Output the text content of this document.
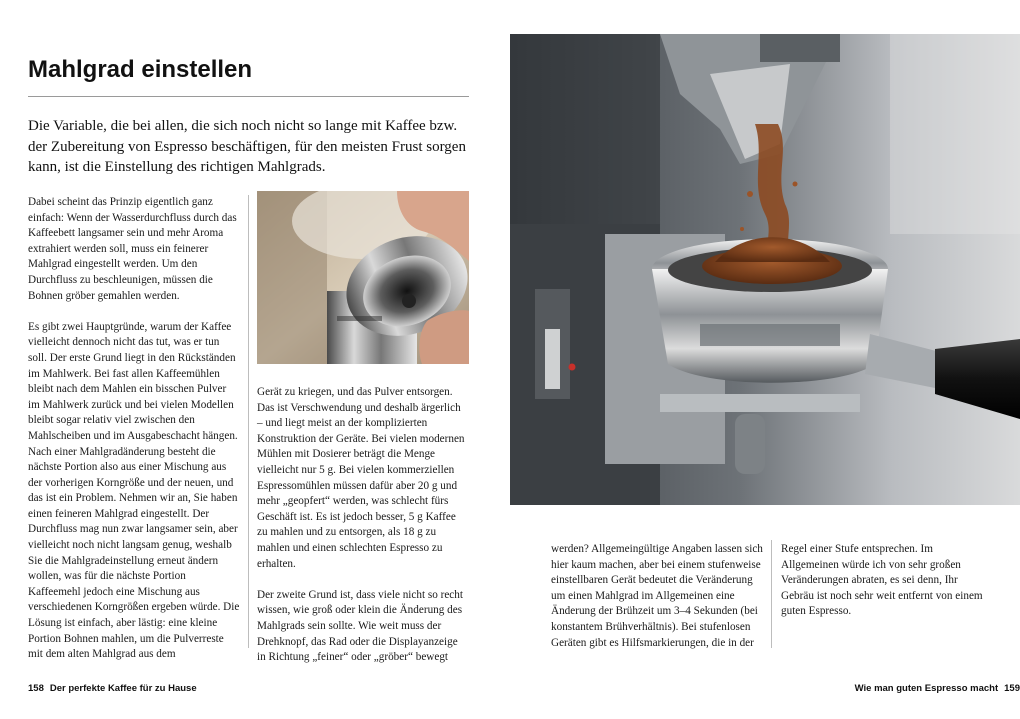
Mahlgrad einstellen
Die Variable, die bei allen, die sich noch nicht so lange mit Kaffee bzw. der Zubereitung von Espresso beschäftigen, für den meisten Frust sorgen kann, ist die Einstellung des richtigen Mahlgrads.

Dabei scheint das Prinzip eigentlich ganz einfach: Wenn der Wasserdurchfluss durch das Kaffeebett langsamer sein und mehr Aroma extrahiert werden soll, muss ein feinerer Mahlgrad eingestellt werden. Um den Durchfluss zu beschleunigen, müssen die Bohnen gröber gemahlen werden.

Es gibt zwei Hauptgründe, warum der Kaffee vielleicht dennoch nicht das tut, was er tun soll. Der erste Grund liegt in den Rückständen im Mahlwerk. Bei fast allen Kaffeemühlen bleibt nach dem Mahlen ein bisschen Pulver im Mahlwerk zurück und bei vielen Modellen bleibt sogar relativ viel zwischen den Mahlscheiben und im Ausgabeschacht hängen. Nach einer Mahlgradänderung besteht die nächste Portion also aus einer Mischung aus der vorherigen Korngröße und der neuen, und das ist ein Problem. Nehmen wir an, Sie haben einen feineren Mahlgrad eingestellt. Der Durchfluss mag nun zwar langsamer sein, aber vielleicht noch nicht langsam genug, weshalb Sie die Mahlgradeinstellung erneut ändern wollen, was für die nächste Portion Kaffeemehl jedoch eine Mischung aus verschiedenen Korngrößen ergeben würde. Die Lösung ist einfach, aber lästig: eine kleine Portion Bohnen mahlen, um die Pulverreste mit dem alten Mahlgrad aus dem

Gerät zu kriegen, und das Pulver entsorgen. Das ist Verschwendung und deshalb ärgerlich – und liegt meist an der komplizierten Konstruktion der Geräte. Bei vielen modernen Mühlen mit Dosierer beträgt die Menge vielleicht nur 5 g. Bei vielen kommerziellen Espressomühlen müssen dafür aber 20 g und mehr „geopfert“ werden, was schlecht fürs Geschäft ist. Es ist jedoch besser, 5 g Kaffee zu mahlen und zu entsorgen, als 18 g zu mahlen und einen schlechten Espresso zu erhalten.

Der zweite Grund ist, dass viele nicht so recht wissen, wie groß oder klein die Änderung des Mahlgrads sein sollte. Wie weit muss der Drehknopf, das Rad oder die Displayanzeige in Richtung „feiner“ oder „gröber“ bewegt

werden? Allgemeingültige Angaben lassen sich hier kaum machen, aber bei einem stufenweise einstellbaren Gerät bedeutet die Veränderung um einen Mahlgrad im Allgemeinen eine Änderung der Brühzeit um 3–4 Sekunden (bei konstantem Brühverhältnis). Bei stufenlosen Geräten gibt es Hilfsmarkierungen, die in der

Regel einer Stufe entsprechen. Im Allgemeinen würde ich von sehr großen Veränderungen abraten, es sei denn, Ihr Gebräu ist noch sehr weit entfernt von einem guten Espresso.

158 Der perfekte Kaffee für zu Hause	Wie man guten Espresso macht 159
